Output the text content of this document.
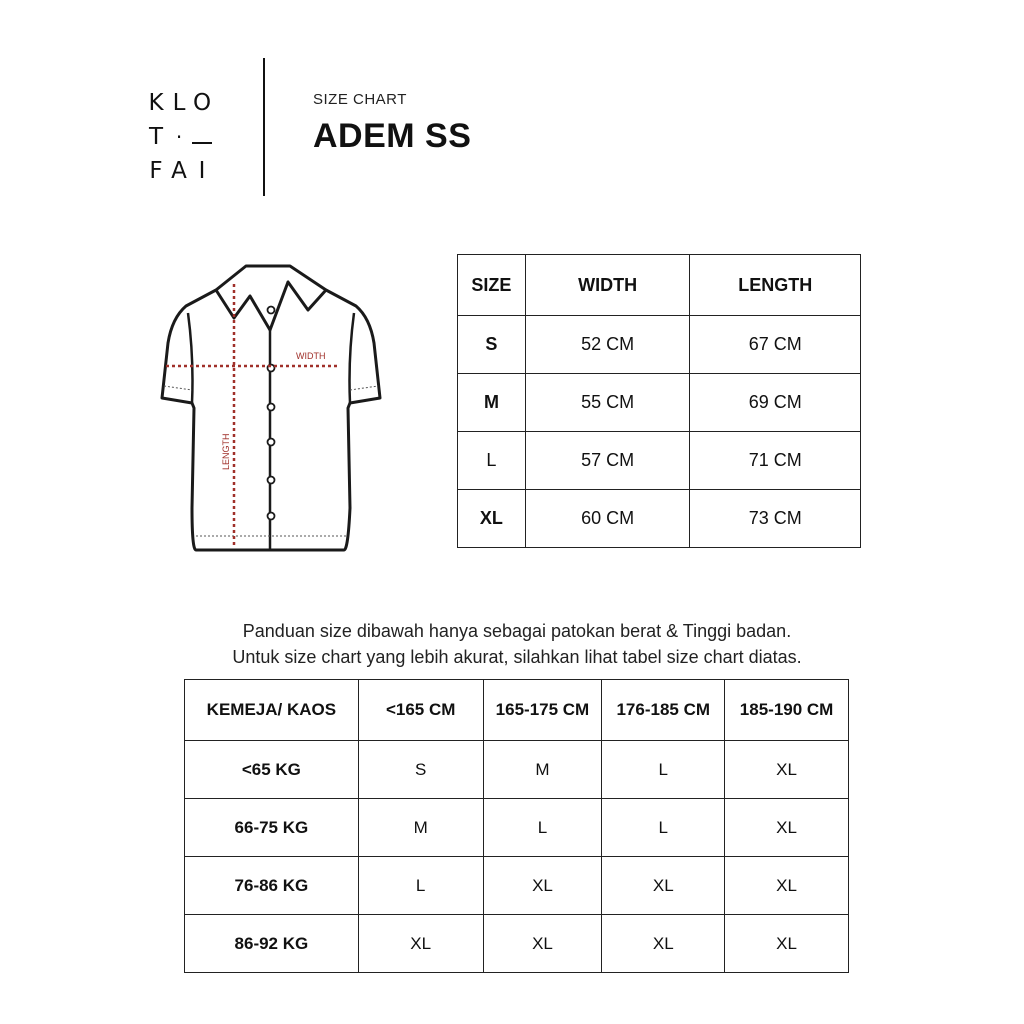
K L O
T ·
F A I
SIZE CHART
ADEM SS
WIDTH
LENGTH
SIZE	WIDTH	LENGTH
S	52 CM	67 CM
M	55 CM	69 CM
L	57 CM	71 CM
XL	60 CM	73 CM
Panduan size dibawah hanya sebagai patokan berat & Tinggi badan.
Untuk size chart yang lebih akurat, silahkan lihat tabel size chart diatas.
KEMEJA/ KAOS	<165 CM	165-175 CM	176-185 CM	185-190 CM
<65 KG	S	M	L	XL
66-75 KG	M	L	L	XL
76-86 KG	L	XL	XL	XL
86-92 KG	XL	XL	XL	XL
